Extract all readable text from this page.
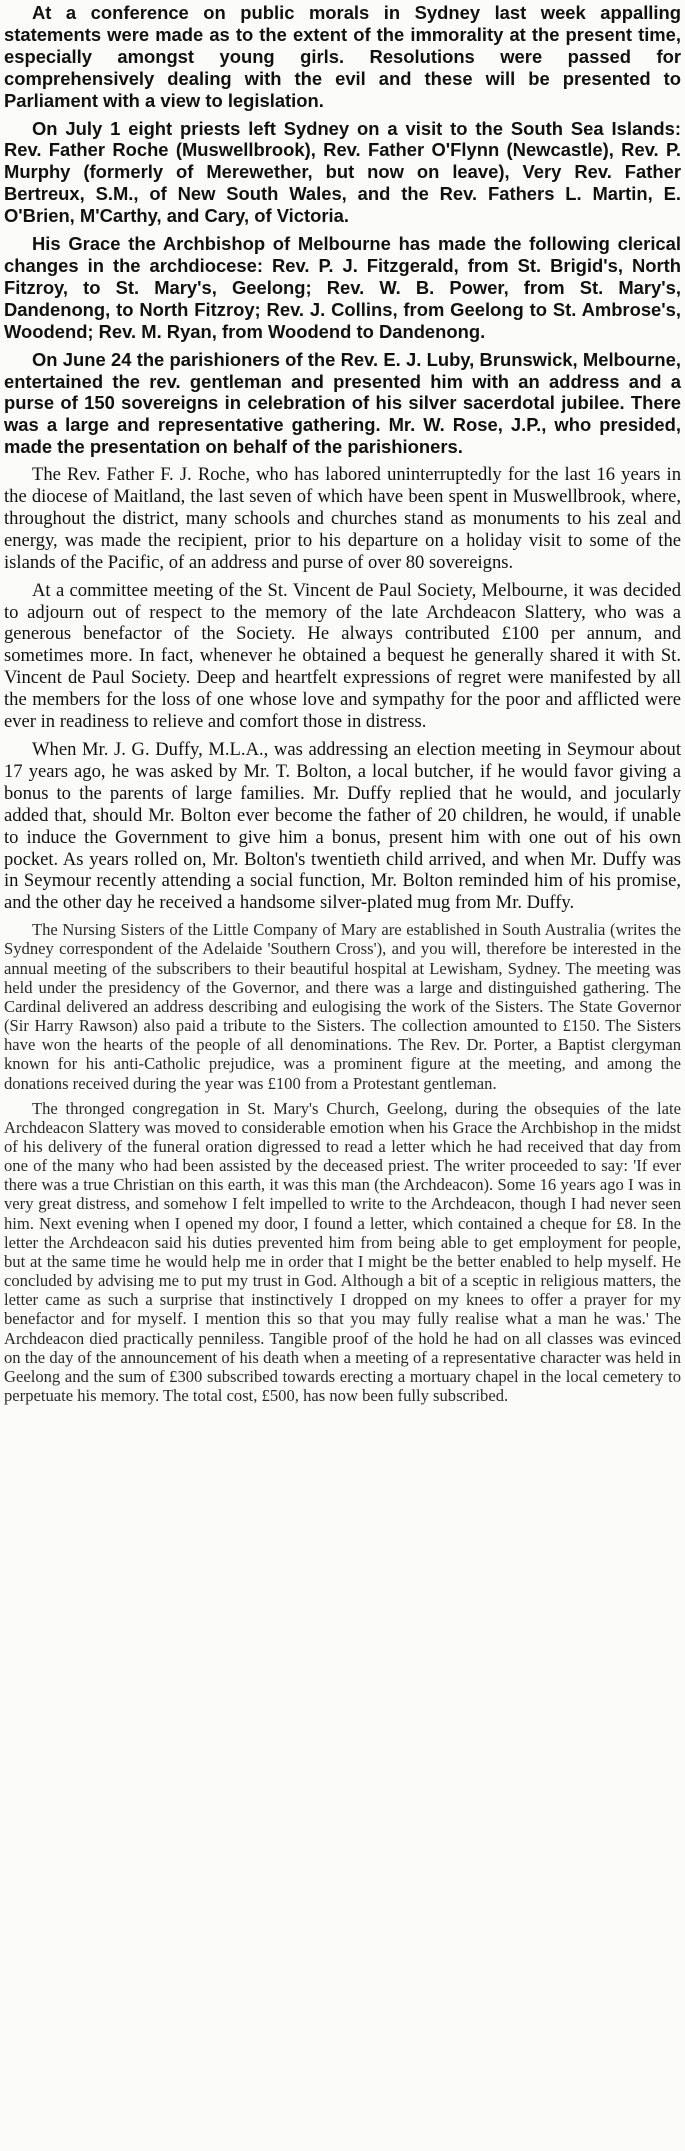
At a conference on public morals in Sydney last week appalling statements were made as to the extent of the immorality at the present time, especially amongst young girls. Resolutions were passed for comprehensively dealing with the evil and these will be presented to Parliament with a view to legislation.

On July 1 eight priests left Sydney on a visit to the South Sea Islands: Rev. Father Roche (Muswellbrook), Rev. Father O'Flynn (Newcastle), Rev. P. Murphy (formerly of Merewether, but now on leave), Very Rev. Father Bertreux, S.M., of New South Wales, and the Rev. Fathers L. Martin, E. O'Brien, M'Carthy, and Cary, of Victoria.

His Grace the Archbishop of Melbourne has made the following clerical changes in the archdiocese: Rev. P. J. Fitzgerald, from St. Brigid's, North Fitzroy, to St. Mary's, Geelong; Rev. W. B. Power, from St. Mary's, Dandenong, to North Fitzroy; Rev. J. Collins, from Geelong to St. Ambrose's, Woodend; Rev. M. Ryan, from Woodend to Dandenong.

On June 24 the parishioners of the Rev. E. J. Luby, Brunswick, Melbourne, entertained the rev. gentleman and presented him with an address and a purse of 150 sovereigns in celebration of his silver sacerdotal jubilee. There was a large and representative gathering. Mr. W. Rose, J.P., who presided, made the presentation on behalf of the parishioners.

The Rev. Father F. J. Roche, who has labored uninterruptedly for the last 16 years in the diocese of Maitland, the last seven of which have been spent in Muswellbrook, where, throughout the district, many schools and churches stand as monuments to his zeal and energy, was made the recipient, prior to his departure on a holiday visit to some of the islands of the Pacific, of an address and purse of over 80 sovereigns.

At a committee meeting of the St. Vincent de Paul Society, Melbourne, it was decided to adjourn out of respect to the memory of the late Archdeacon Slattery, who was a generous benefactor of the Society. He always contributed £100 per annum, and sometimes more. In fact, whenever he obtained a bequest he generally shared it with St. Vincent de Paul Society. Deep and heartfelt expressions of regret were manifested by all the members for the loss of one whose love and sympathy for the poor and afflicted were ever in readiness to relieve and comfort those in distress.

When Mr. J. G. Duffy, M.L.A., was addressing an election meeting in Seymour about 17 years ago, he was asked by Mr. T. Bolton, a local butcher, if he would favor giving a bonus to the parents of large families. Mr. Duffy replied that he would, and jocularly added that, should Mr. Bolton ever become the father of 20 children, he would, if unable to induce the Government to give him a bonus, present him with one out of his own pocket. As years rolled on, Mr. Bolton's twentieth child arrived, and when Mr. Duffy was in Seymour recently attending a social function, Mr. Bolton reminded him of his promise, and the other day he received a handsome silver-plated mug from Mr. Duffy.

The Nursing Sisters of the Little Company of Mary are established in South Australia (writes the Sydney correspondent of the Adelaide 'Southern Cross'), and you will, therefore be interested in the annual meeting of the subscribers to their beautiful hospital at Lewisham, Sydney. The meeting was held under the presidency of the Governor, and there was a large and distinguished gathering. The Cardinal delivered an address describing and eulogising the work of the Sisters. The State Governor (Sir Harry Rawson) also paid a tribute to the Sisters. The collection amounted to £150. The Sisters have won the hearts of the people of all denominations. The Rev. Dr. Porter, a Baptist clergyman known for his anti-Catholic prejudice, was a prominent figure at the meeting, and among the donations received during the year was £100 from a Protestant gentleman.

The thronged congregation in St. Mary's Church, Geelong, during the obsequies of the late Archdeacon Slattery was moved to considerable emotion when his Grace the Archbishop in the midst of his delivery of the funeral oration digressed to read a letter which he had received that day from one of the many who had been assisted by the deceased priest. The writer proceeded to say: 'If ever there was a true Christian on this earth, it was this man (the Archdeacon). Some 16 years ago I was in very great distress, and somehow I felt impelled to write to the Archdeacon, though I had never seen him. Next evening when I opened my door, I found a letter, which contained a cheque for £8. In the letter the Archdeacon said his duties prevented him from being able to get employment for people, but at the same time he would help me in order that I might be the better enabled to help myself. He concluded by advising me to put my trust in God. Although a bit of a sceptic in religious matters, the letter came as such a surprise that instinctively I dropped on my knees to offer a prayer for my benefactor and for myself. I mention this so that you may fully realise what a man he was.' The Archdeacon died practically penniless. Tangible proof of the hold he had on all classes was evinced on the day of the announcement of his death when a meeting of a representative character was held in Geelong and the sum of £300 subscribed towards erecting a mortuary chapel in the local cemetery to perpetuate his memory. The total cost, £500, has now been fully subscribed.
